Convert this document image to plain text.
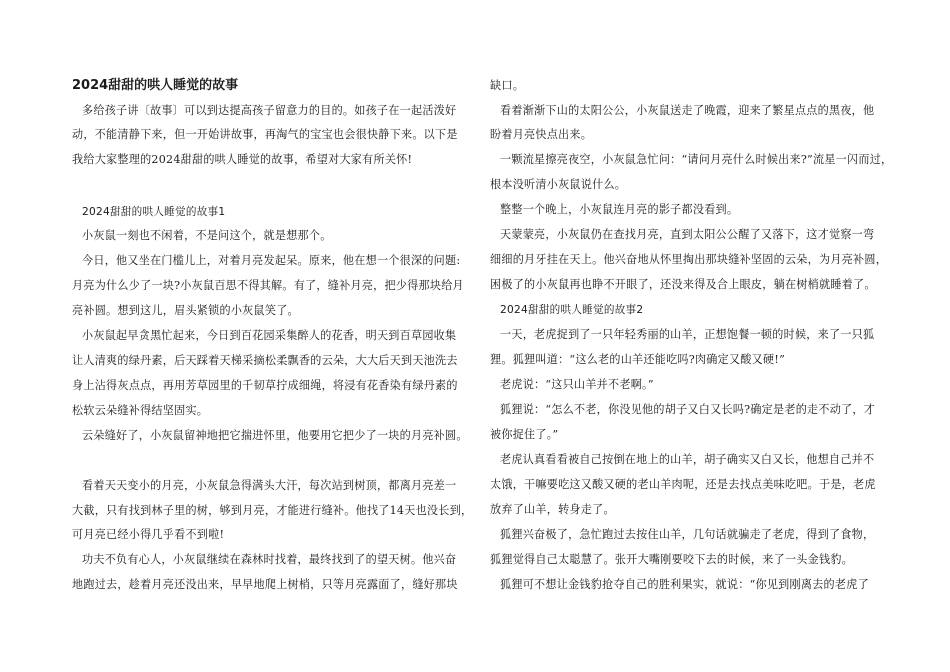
2024甜甜的哄人睡觉的故事
多给孩子讲〔故事〕可以到达提高孩子留意力的目的。如孩子在一起活泼好
动，不能清静下来，但一开始讲故事，再淘气的宝宝也会很快静下来。以下是
我给大家整理的2024甜甜的哄人睡觉的故事，希望对大家有所关怀!
2024甜甜的哄人睡觉的故事1
小灰鼠一刻也不闲着，不是问这个，就是想那个。
今日，他又坐在门槛儿上，对着月亮发起呆。原来，他在想一个很深的问题:
月亮为什么少了一块?小灰鼠百思不得其解。有了，缝补月亮，把少得那块给月
亮补圆。想到这儿，眉头紧锁的小灰鼠笑了。
小灰鼠起早贪黑忙起来，今日到百花园采集醉人的花香，明天到百草园收集
让人清爽的绿丹素，后天踩着天梯采摘松柔飘香的云朵，大大后天到天池洗去
身上沾得灰点点，再用芳草园里的千韧草拧成细绳，将浸有花香染有绿丹素的
松软云朵缝补得结坚固实。
云朵缝好了，小灰鼠留神地把它揣进怀里，他要用它把少了一块的月亮补圆。
看着天天变小的月亮，小灰鼠急得满头大汗，每次站到树顶，都离月亮差一
大截，只有找到林子里的树，够到月亮，才能进行缝补。他找了14天也没长到，
可月亮已经小得几乎看不到啦!
功夫不负有心人，小灰鼠继续在森林时找着，最终找到了的望天树。他兴奋
地跑过去，趁着月亮还没出来，早早地爬上树梢，只等月亮露面了，缝好那块
缺口。
看着渐渐下山的太阳公公，小灰鼠送走了晚霞，迎来了繁星点点的黑夜，他
盼着月亮快点出来。
一颗流星擦亮夜空，小灰鼠急忙问：“请问月亮什么时候出来?”流星一闪而过，
根本没听清小灰鼠说什么。
整整一个晚上，小灰鼠连月亮的影子都没看到。
天蒙蒙亮，小灰鼠仍在查找月亮，直到太阳公公醒了又落下，这才觉察一弯
细细的月牙挂在天上。他兴奋地从怀里掏出那块缝补坚固的云朵，为月亮补圆，
困极了的小灰鼠再也睁不开眼了，还没来得及合上眼皮，躺在树梢就睡着了。
2024甜甜的哄人睡觉的故事2
一天，老虎捉到了一只年轻秀丽的山羊，正想饱餐一顿的时候，来了一只狐
狸。狐狸叫道：“这么老的山羊还能吃吗?肉确定又酸又硬!”
老虎说：“这只山羊并不老啊。”
狐狸说：“怎么不老，你没见他的胡子又白又长吗?确定是老的走不动了，才
被你捉住了。”
老虎认真看看被自己按倒在地上的山羊，胡子确实又白又长，他想自己并不
太饿，干嘛要吃这又酸又硬的老山羊肉呢，还是去找点美味吃吧。于是，老虎
放弃了山羊，转身走了。
狐狸兴奋极了，急忙跑过去按住山羊，几句话就骗走了老虎，得到了食物，
狐狸觉得自己太聪慧了。张开大嘴刚要咬下去的时候，来了一头金钱豹。
狐狸可不想让金钱豹抢夺自己的胜利果实，就说：“你见到刚离去的老虎了
